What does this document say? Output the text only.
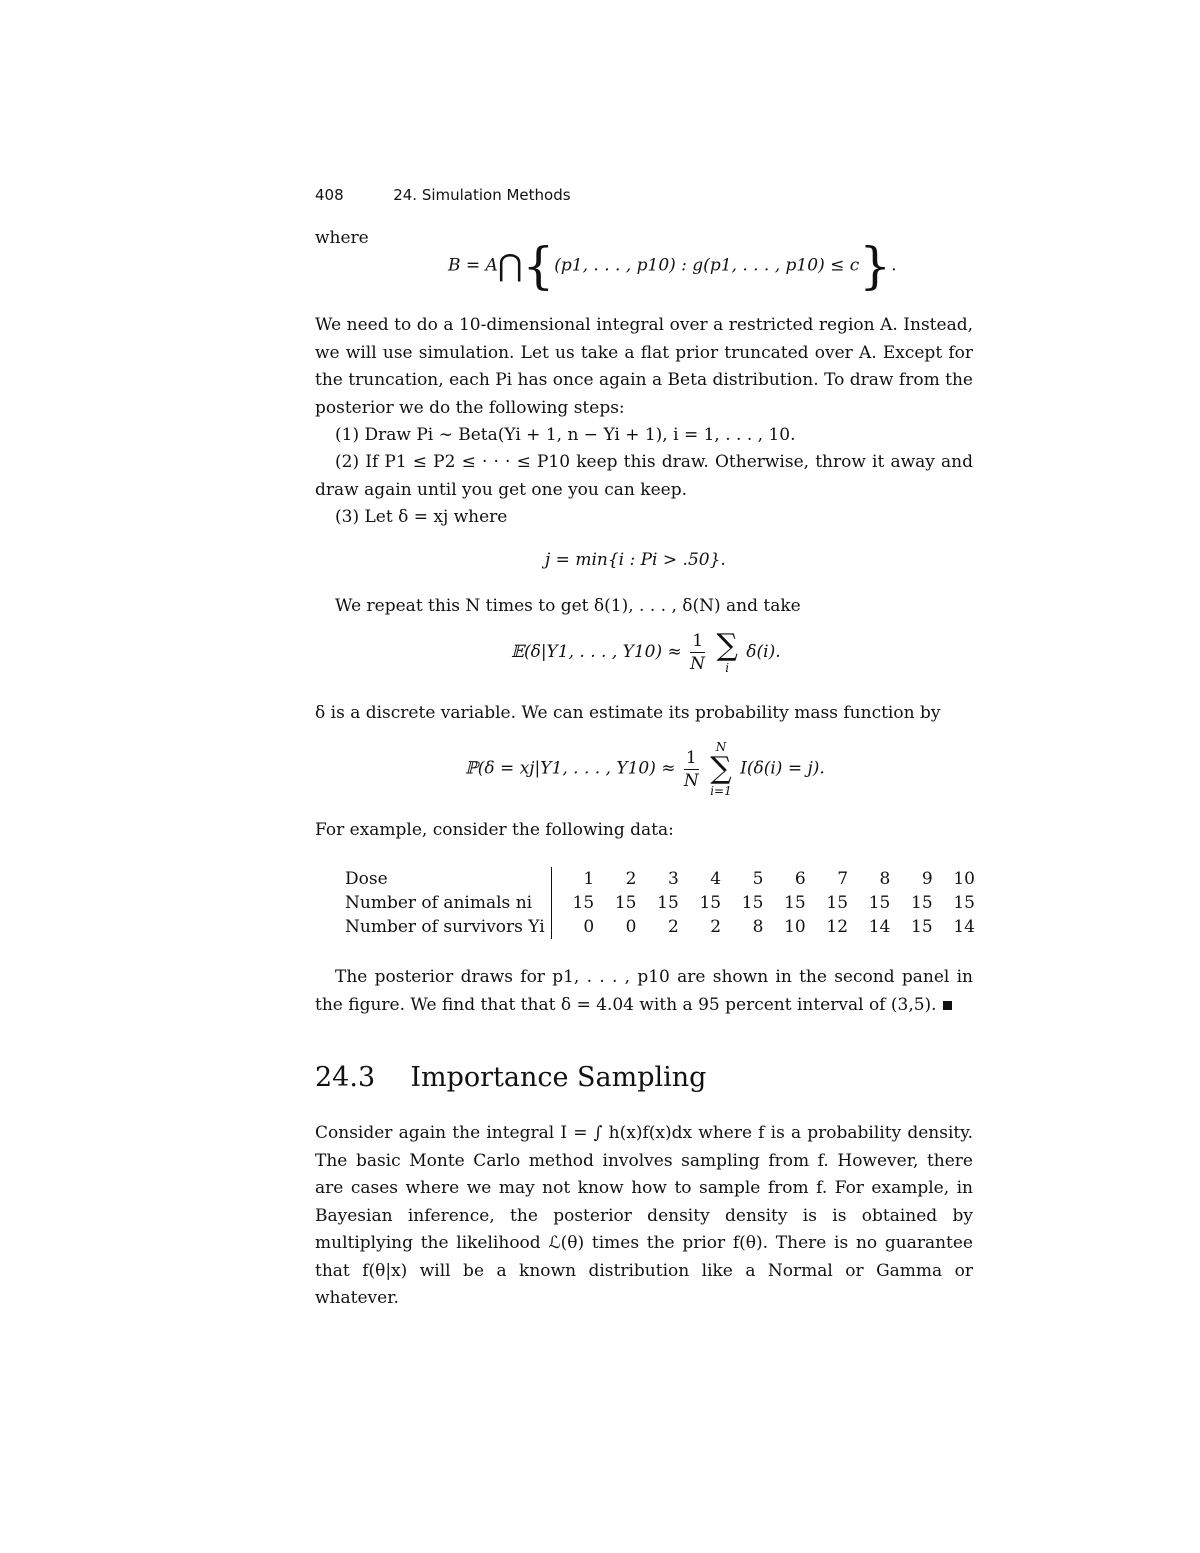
408	24. Simulation Methods
where
B = A⋂{(p1, . . . , p10) : g(p1, . . . , p10) ≤ c}.
We need to do a 10-dimensional integral over a restricted region A. Instead, we will use simulation. Let us take a flat prior truncated over A. Except for the truncation, each Pi has once again a Beta distribution. To draw from the posterior we do the following steps:
(1) Draw Pi ∼ Beta(Yi + 1, n − Yi + 1), i = 1, . . . , 10.
(2) If P1 ≤ P2 ≤ · · · ≤ P10 keep this draw. Otherwise, throw it away and draw again until you get one you can keep.
(3) Let δ = xj where
j = min{i : Pi > .50}.
We repeat this N times to get δ(1), . . . , δ(N) and take
𝔼(δ|Y1, . . . , $Y10) \approx \frac{1}{N}$
∑
i
δ(i).
δ is a discrete variable. We can estimate its probability mass function by
ℙ(δ = xj|Y1, . . . , $Y10) \approx \frac{1}{N}$
N
∑
i=1
I(δ(i) = j).
For example, consider the following data:
Dose	1	2	3	4	5	6	7	8	9	10
Number of animals ni	15	15	15	15	15	15	15	15	15	15
Number of survivors Yi	0	0	2	2	8	10	12	14	15	14
The posterior draws for p1, . . . , p10 are shown in the second panel in the figure. We find that that δ = 4.04 with a 95 percent interval of (3,5).
24.3 Importance Sampling
Consider again the integral I = ∫ h(x)f(x)dx where f is a probability density. The basic Monte Carlo method involves sampling from f. However, there are cases where we may not know how to sample from f. For example, in Bayesian inference, the posterior density density is is obtained by multiplying the likelihood ℒ(θ) times the prior f(θ). There is no guarantee that f(θ|x) will be a known distribution like a Normal or Gamma or whatever.
